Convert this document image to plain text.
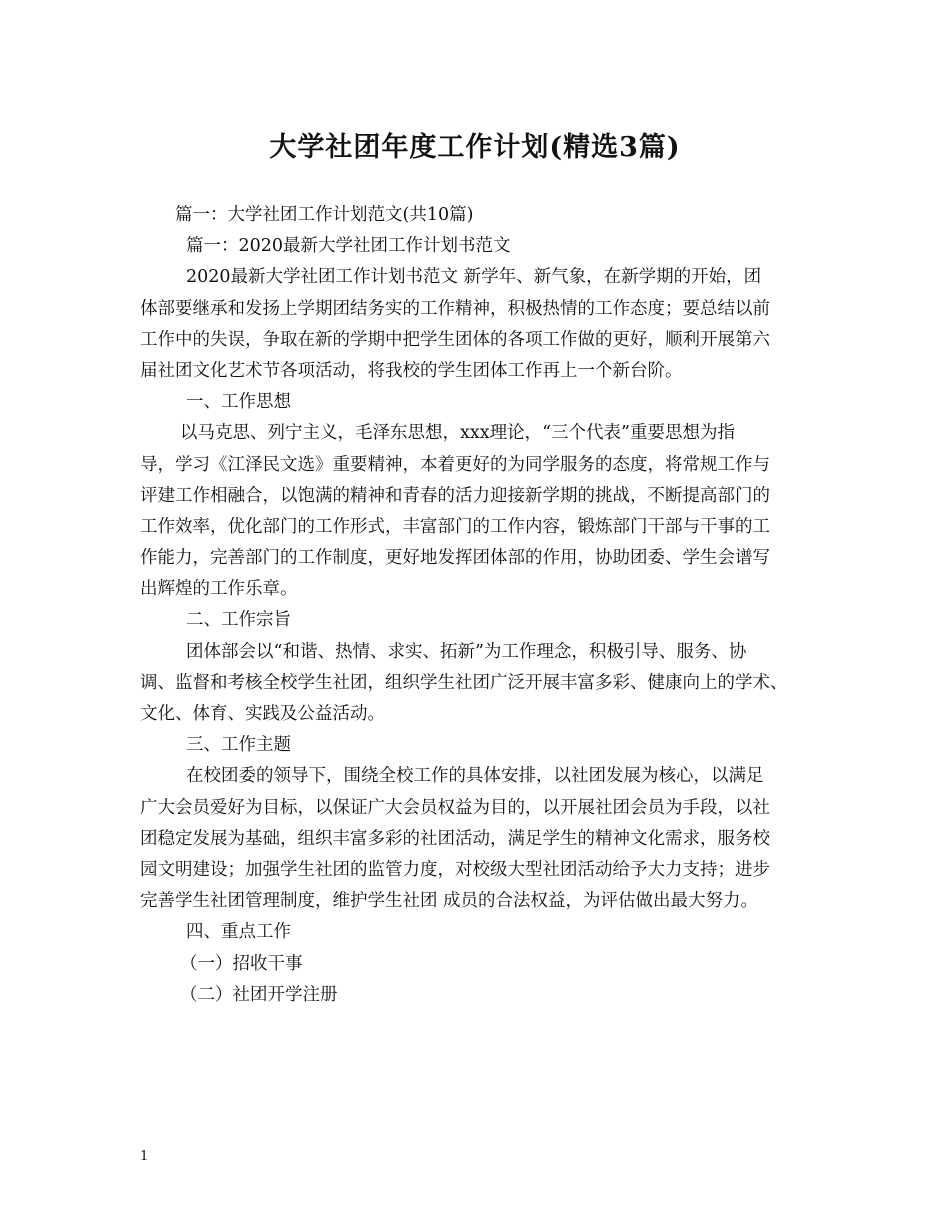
大学社团年度工作计划(精选3篇)
篇一：大学社团工作计划范文(共10篇)
篇一：2020最新大学社团工作计划书范文
2020最新大学社团工作计划书范文 新学年、新气象，在新学期的开始，团
体部要继承和发扬上学期团结务实的工作精神，积极热情的工作态度；要总结以前
工作中的失误，争取在新的学期中把学生团体的各项工作做的更好，顺利开展第六
届社团文化艺术节各项活动，将我校的学生团体工作再上一个新台阶。
一、工作思想
以马克思、列宁主义，毛泽东思想，xxx理论，“三个代表”重要思想为指
导，学习《江泽民文选》重要精神，本着更好的为同学服务的态度，将常规工作与
评建工作相融合，以饱满的精神和青春的活力迎接新学期的挑战，不断提高部门的
工作效率，优化部门的工作形式，丰富部门的工作内容，锻炼部门干部与干事的工
作能力，完善部门的工作制度，更好地发挥团体部的作用，协助团委、学生会谱写
出辉煌的工作乐章。
二、工作宗旨
团体部会以“和谐、热情、求实、拓新”为工作理念，积极引导、服务、协
调、监督和考核全校学生社团，组织学生社团广泛开展丰富多彩、健康向上的学术、
文化、体育、实践及公益活动。
三、工作主题
在校团委的领导下，围绕全校工作的具体安排，以社团发展为核心，以满足
广大会员爱好为目标，以保证广大会员权益为目的，以开展社团会员为手段，以社
团稳定发展为基础，组织丰富多彩的社团活动，满足学生的精神文化需求，服务校
园文明建设；加强学生社团的监管力度，对校级大型社团活动给予大力支持；进步
完善学生社团管理制度，维护学生社团 成员的合法权益，为评估做出最大努力。
四、重点工作
（一）招收干事
（二）社团开学注册
1
